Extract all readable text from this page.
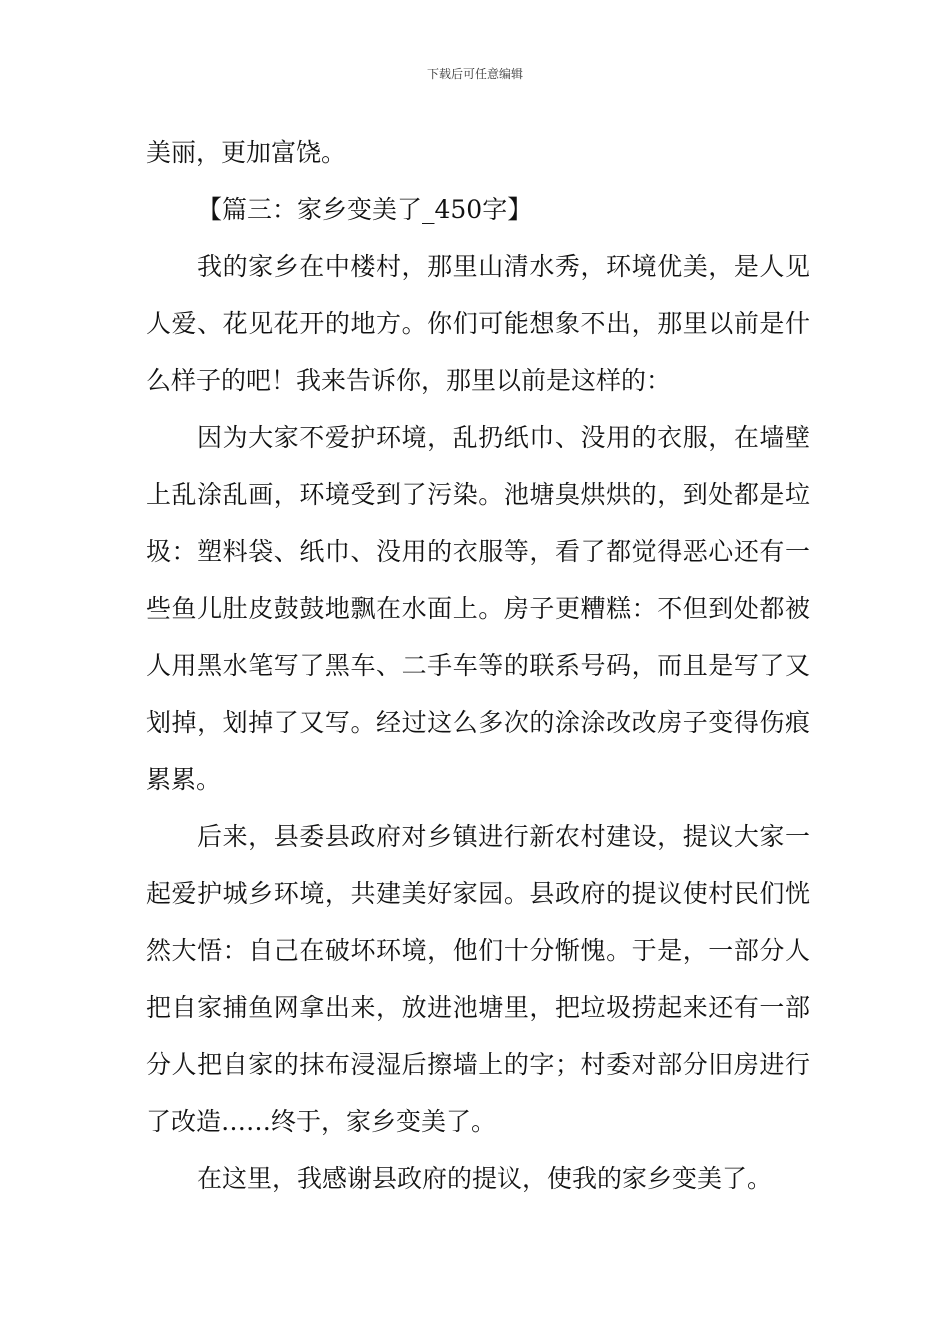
下载后可任意编辑

美丽，更加富饶。

【篇三：家乡变美了_450字】

我的家乡在中楼村，那里山清水秀，环境优美，是人见人爱、花见花开的地方。你们可能想象不出，那里以前是什么样子的吧！我来告诉你，那里以前是这样的：

因为大家不爱护环境，乱扔纸巾、没用的衣服，在墙壁上乱涂乱画，环境受到了污染。池塘臭烘烘的，到处都是垃圾：塑料袋、纸巾、没用的衣服等，看了都觉得恶心还有一些鱼儿肚皮鼓鼓地飘在水面上。房子更糟糕：不但到处都被人用黑水笔写了黑车、二手车等的联系号码，而且是写了又划掉，划掉了又写。经过这么多次的涂涂改改房子变得伤痕累累。

后来，县委县政府对乡镇进行新农村建设，提议大家一起爱护城乡环境，共建美好家园。县政府的提议使村民们恍然大悟：自己在破坏环境，他们十分惭愧。于是，一部分人把自家捕鱼网拿出来，放进池塘里，把垃圾捞起来还有一部分人把自家的抹布浸湿后擦墙上的字；村委对部分旧房进行了改造……终于，家乡变美了。

在这里，我感谢县政府的提议，使我的家乡变美了。
